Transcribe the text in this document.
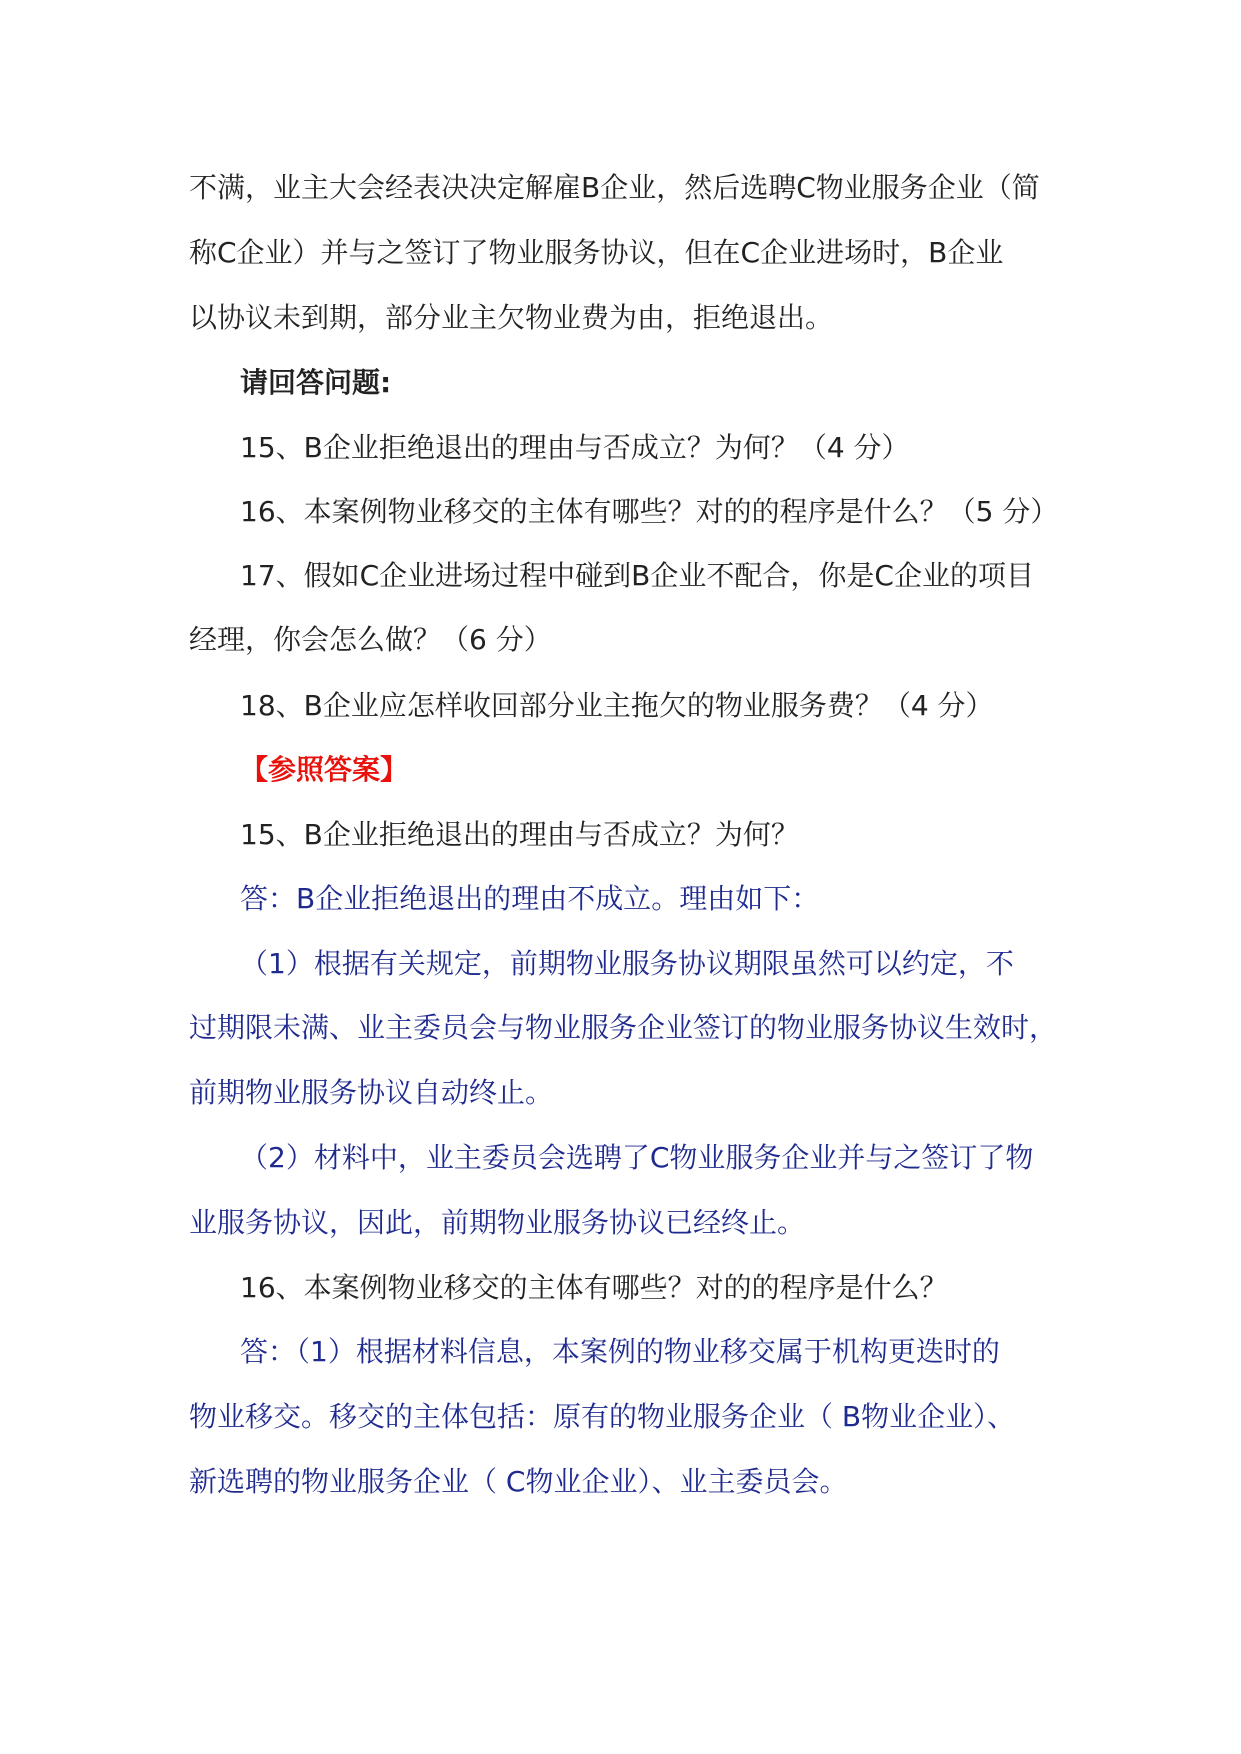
不满，业主大会经表决决定解雇B企业，然后选聘C物业服务企业（简
称C企业）并与之签订了物业服务协议，但在C企业进场时，B企业
以协议未到期，部分业主欠物业费为由，拒绝退出。
请回答问题:
15、B企业拒绝退出的理由与否成立？为何？（4 分）
16、本案例物业移交的主体有哪些？对的的程序是什么？（5 分）
17、假如C企业进场过程中碰到B企业不配合，你是C企业的项目
经理，你会怎么做？（6 分）
18、B企业应怎样收回部分业主拖欠的物业服务费？（4 分）
【参照答案】
15、B企业拒绝退出的理由与否成立？为何？
答：B企业拒绝退出的理由不成立。理由如下：
（1）根据有关规定，前期物业服务协议期限虽然可以约定，不
过期限未满、业主委员会与物业服务企业签订的物业服务协议生效时，
前期物业服务协议自动终止。
（2）材料中，业主委员会选聘了C物业服务企业并与之签订了物
业服务协议，因此，前期物业服务协议已经终止。
16、本案例物业移交的主体有哪些？对的的程序是什么？
答：（1）根据材料信息，本案例的物业移交属于机构更迭时的
物业移交。移交的主体包括：原有的物业服务企业（ B物业企业）、
新选聘的物业服务企业（ C物业企业）、业主委员会。
